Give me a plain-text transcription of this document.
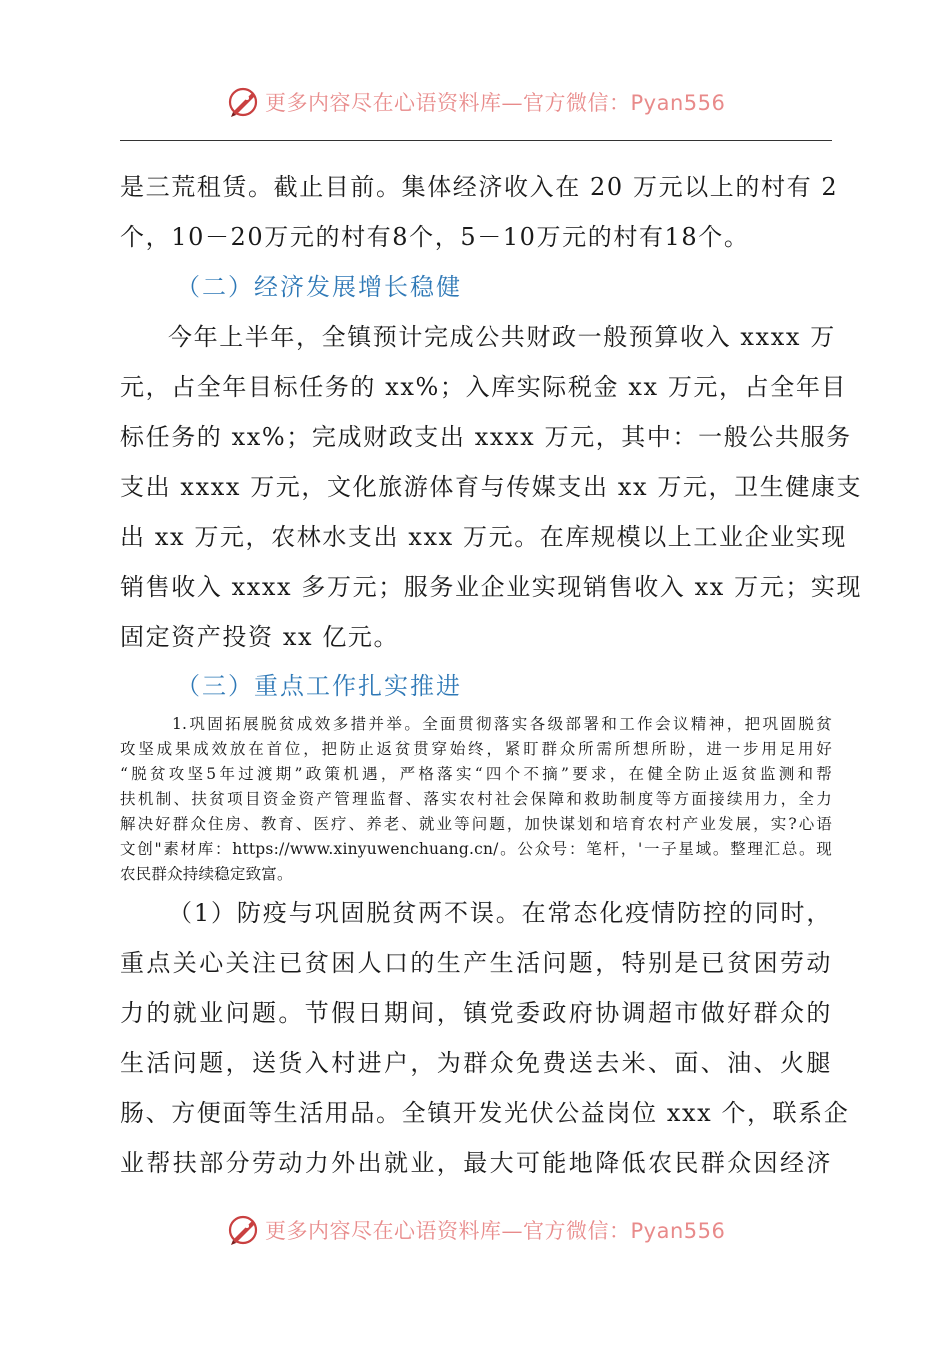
更多内容尽在心语资料库—官方微信：Pyan556
是三荒租赁。截止目前。集体经济收入在 20 万元以上的村有 2
个，10－20万元的村有8个，5－10万元的村有18个。
（二）经济发展增长稳健
今年上半年，全镇预计完成公共财政一般预算收入 xxxx 万
元，占全年目标任务的 xx%；入库实际税金 xx 万元，占全年目
标任务的 xx%；完成财政支出 xxxx 万元，其中：一般公共服务
支出 xxxx 万元，文化旅游体育与传媒支出 xx 万元，卫生健康支
出 xx 万元，农林水支出 xxx 万元。在库规模以上工业企业实现
销售收入 xxxx 多万元；服务业企业实现销售收入 xx 万元；实现
固定资产投资 xx 亿元。
（三）重点工作扎实推进
1.巩固拓展脱贫成效多措并举。全面贯彻落实各级部署和工作会议精神，把巩固脱贫
攻坚成果成效放在首位，把防止返贫贯穿始终，紧盯群众所需所想所盼，进一步用足用好
“脱贫攻坚5年过渡期”政策机遇，严格落实“四个不摘”要求，在健全防止返贫监测和帮
扶机制、扶贫项目资金资产管理监督、落实农村社会保障和救助制度等方面接续用力，全力
解决好群众住房、教育、医疗、养老、就业等问题，加快谋划和培育农村产业发展，实?心语
文创"素材库：https://www.xinyuwenchuang.cn/。公众号：笔杆，'一子星域。整理汇总。现
农民群众持续稳定致富。
（1）防疫与巩固脱贫两不误。在常态化疫情防控的同时，
重点关心关注已贫困人口的生产生活问题，特别是已贫困劳动
力的就业问题。节假日期间，镇党委政府协调超市做好群众的
生活问题，送货入村进户，为群众免费送去米、面、油、火腿
肠、方便面等生活用品。全镇开发光伏公益岗位 xxx 个，联系企
业帮扶部分劳动力外出就业，最大可能地降低农民群众因经济
更多内容尽在心语资料库—官方微信：Pyan556
